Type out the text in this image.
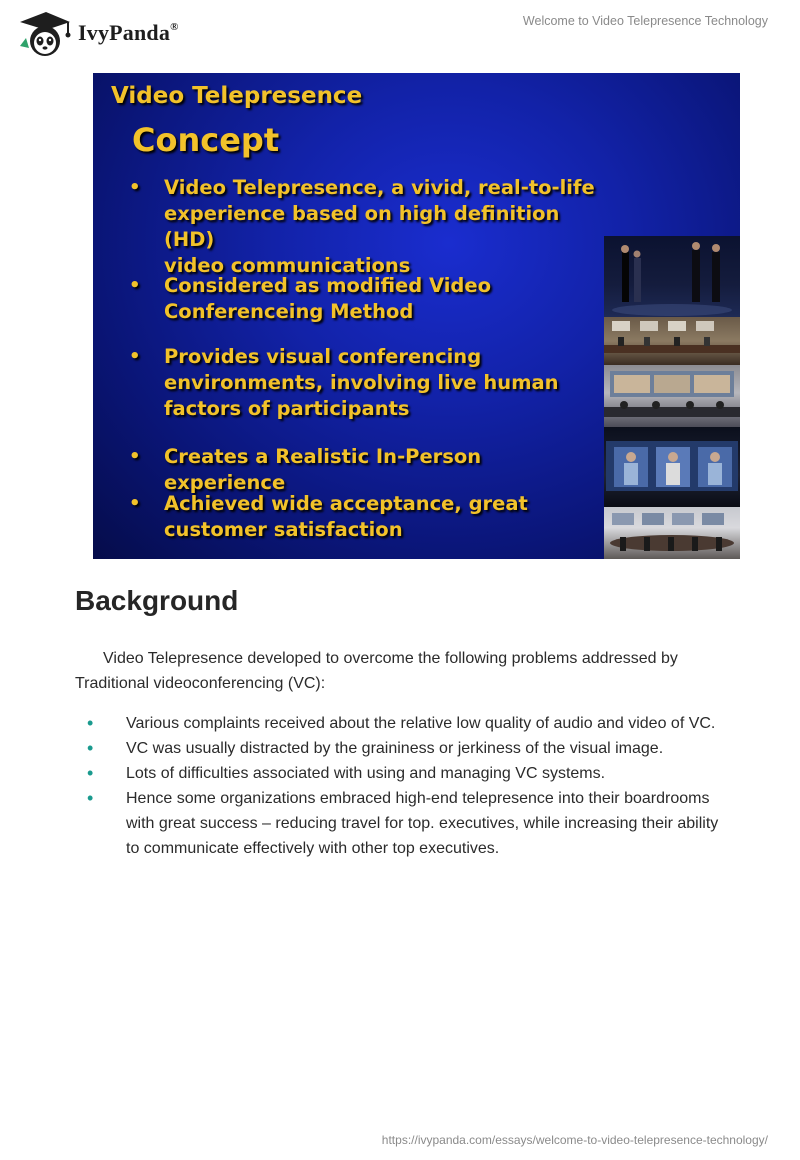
IvyPanda®	Welcome to Video Telepresence Technology
Video Telepresence
Concept
• Video Telepresence, a vivid, real-to-life
experience based on high definition (HD)
video communications
• Considered as modified Video
Conferenceing Method
• Provides visual conferencing
environments, involving live human
factors of participants
• Creates a Realistic In-Person experience
• Achieved wide acceptance, great
customer satisfaction
Background

Video Telepresence developed to overcome the following problems addressed by Traditional videoconferencing (VC):

• Various complaints received about the relative low quality of audio and video of VC.
• VC was usually distracted by the graininess or jerkiness of the visual image.
• Lots of difficulties associated with using and managing VC systems.
• Hence some organizations embraced high-end telepresence into their boardrooms with great success – reducing travel for top. executives, while increasing their ability to communicate effectively with other top executives.
https://ivypanda.com/essays/welcome-to-video-telepresence-technology/
